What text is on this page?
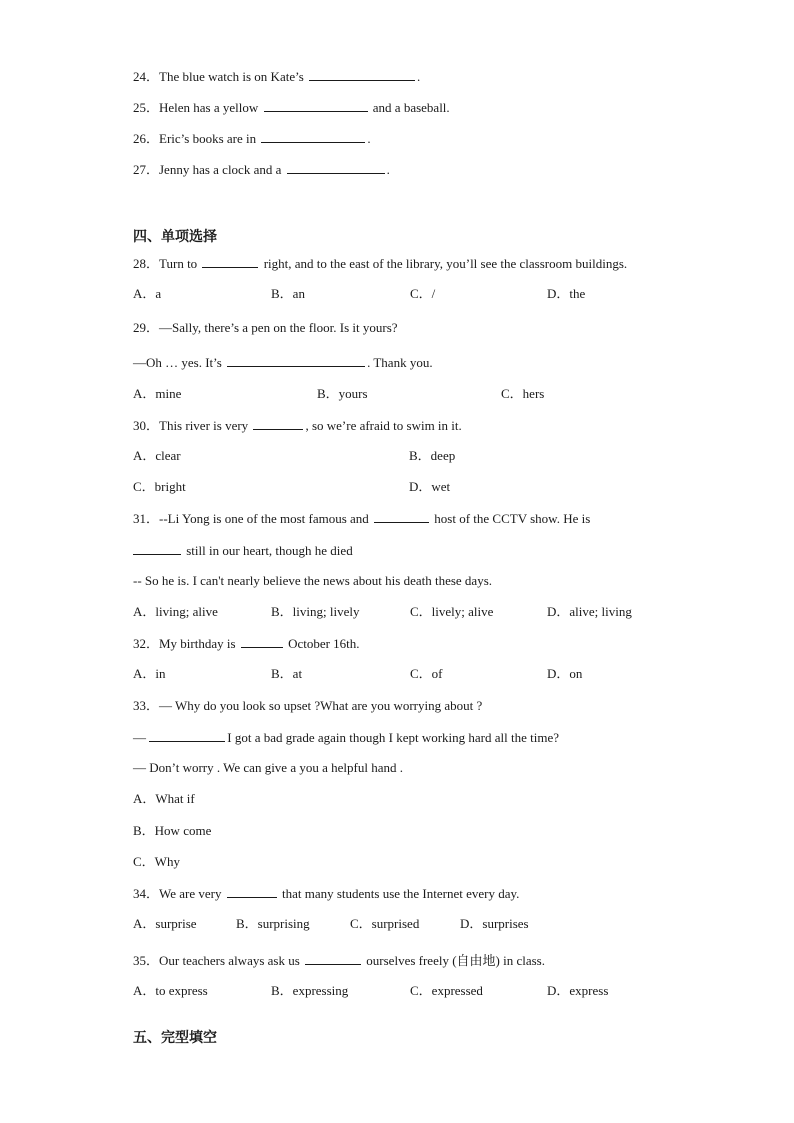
24．The blue watch is on Kate’s	.
25．Helen has a yellow	and a baseball.
26．Eric’s books are in	.
27．Jenny has a clock and a	.
四、单项选择
28．Turn to	right, and to the east of the library, you’ll see the classroom buildings.
A．a	B．an	C．/	D．the
29．—Sally, there’s a pen on the floor. Is it yours?
—Oh … yes. It’s	. Thank you.
A．mine	B．yours	C．hers
30．This river is very	, so we’re afraid to swim in it.
A．clear	B．deep
C．bright	D．wet
31．--Li Yong is one of the most famous and	host of the CCTV show. He is
still in our heart, though he died
-- So he is. I can't nearly believe the news about his death these days.
A．living; alive	B．living; lively	C．lively; alive	D．alive; living
32．My birthday is	October 16th.
A．in	B．at	C．of	D．on
33．— Why do you look so upset ?What are you worrying about ?
—	I got a bad grade again though I kept working hard all the time?
— Don’t worry . We can give a you a helpful hand .
A．What if
B．How come
C．Why
34．We are very	that many students use the Internet every day.
A．surprise	B．surprising	C．surprised	D．surprises
35．Our teachers always ask us	ourselves freely (自由地) in class.
A．to express	B．expressing	C．expressed	D．express
五、完型填空
